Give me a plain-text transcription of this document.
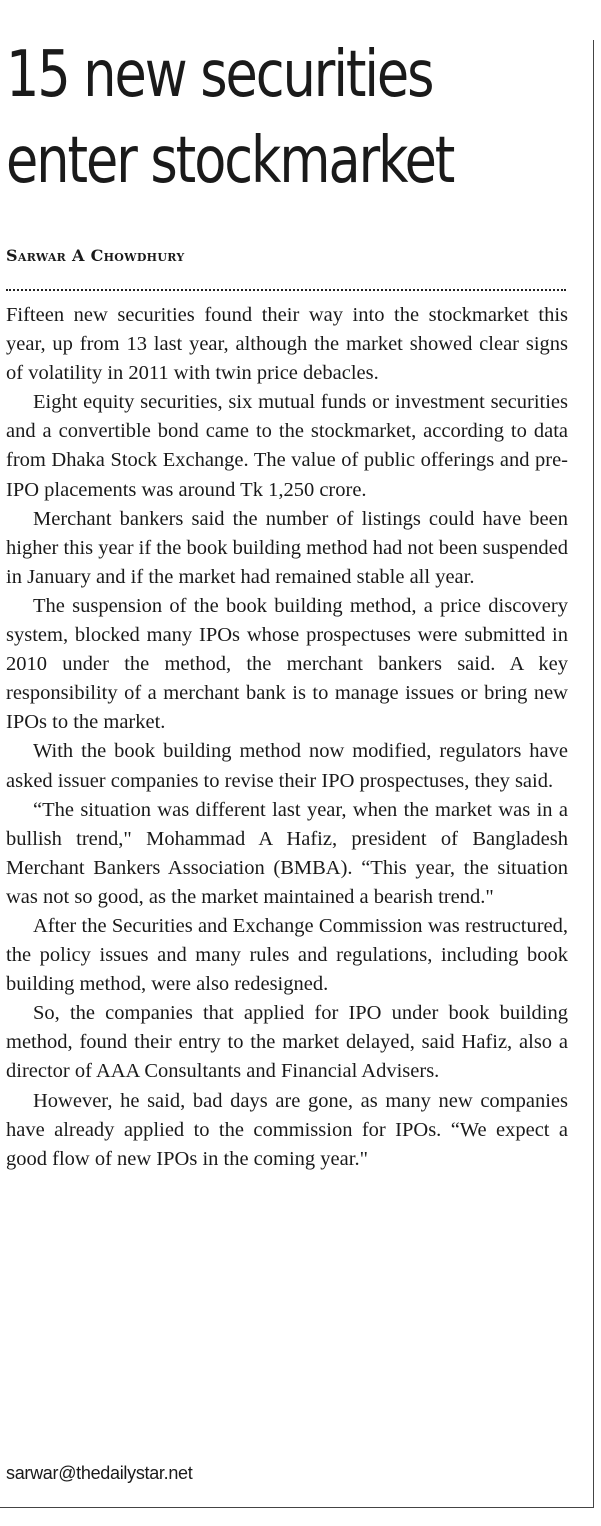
15 new securities
enter stockmarket
Sarwar A Chowdhury

Fifteen new securities found their way into the stockmarket this year, up from 13 last year, although the market showed clear signs of volatility in 2011 with twin price debacles.

Eight equity securities, six mutual funds or investment securities and a convertible bond came to the stockmarket, according to data from Dhaka Stock Exchange. The value of public offerings and pre-IPO placements was around Tk 1,250 crore.

Merchant bankers said the number of listings could have been higher this year if the book building method had not been suspended in January and if the market had remained stable all year.

The suspension of the book building method, a price discovery system, blocked many IPOs whose prospectuses were submitted in 2010 under the method, the merchant bankers said. A key responsibility of a merchant bank is to manage issues or bring new IPOs to the market.

With the book building method now modified, regulators have asked issuer companies to revise their IPO prospectuses, they said.

“The situation was different last year, when the market was in a bullish trend," Mohammad A Hafiz, president of Bangladesh Merchant Bankers Association (BMBA). “This year, the situation was not so good, as the market maintained a bearish trend."

After the Securities and Exchange Commission was restructured, the policy issues and many rules and regulations, including book building method, were also redesigned.

So, the companies that applied for IPO under book building method, found their entry to the market delayed, said Hafiz, also a director of AAA Consultants and Financial Advisers.

However, he said, bad days are gone, as many new companies have already applied to the commission for IPOs. “We expect a good flow of new IPOs in the coming year."

sarwar@thedailystar.net
